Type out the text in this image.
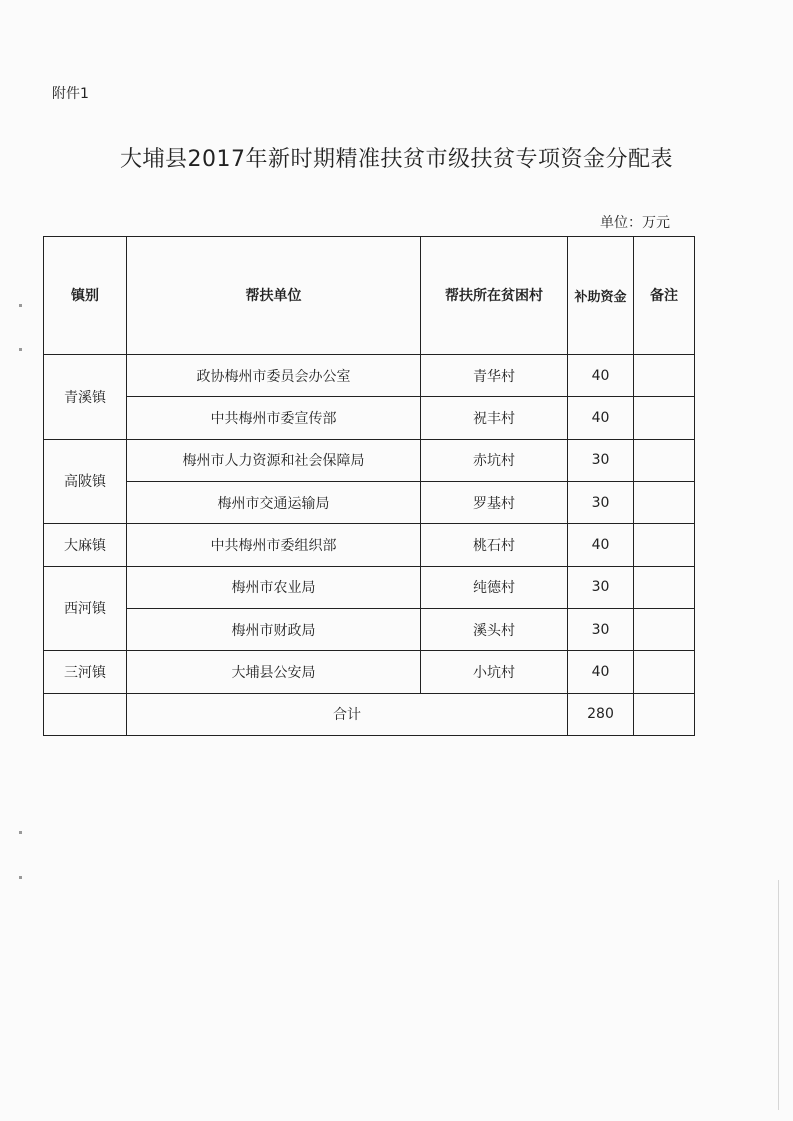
附件1
大埔县2017年新时期精准扶贫市级扶贫专项资金分配表
单位：万元
镇别	帮扶单位	帮扶所在贫困村	补助资金	备注
青溪镇	政协梅州市委员会办公室	青华村	40	
	中共梅州市委宣传部	祝丰村	40	
高陂镇	梅州市人力资源和社会保障局	赤坑村	30	
	梅州市交通运输局	罗基村	30	
大麻镇	中共梅州市委组织部	桃石村	40	
西河镇	梅州市农业局	纯德村	30	
	梅州市财政局	溪头村	30	
三河镇	大埔县公安局	小坑村	40	
	合计		280	
